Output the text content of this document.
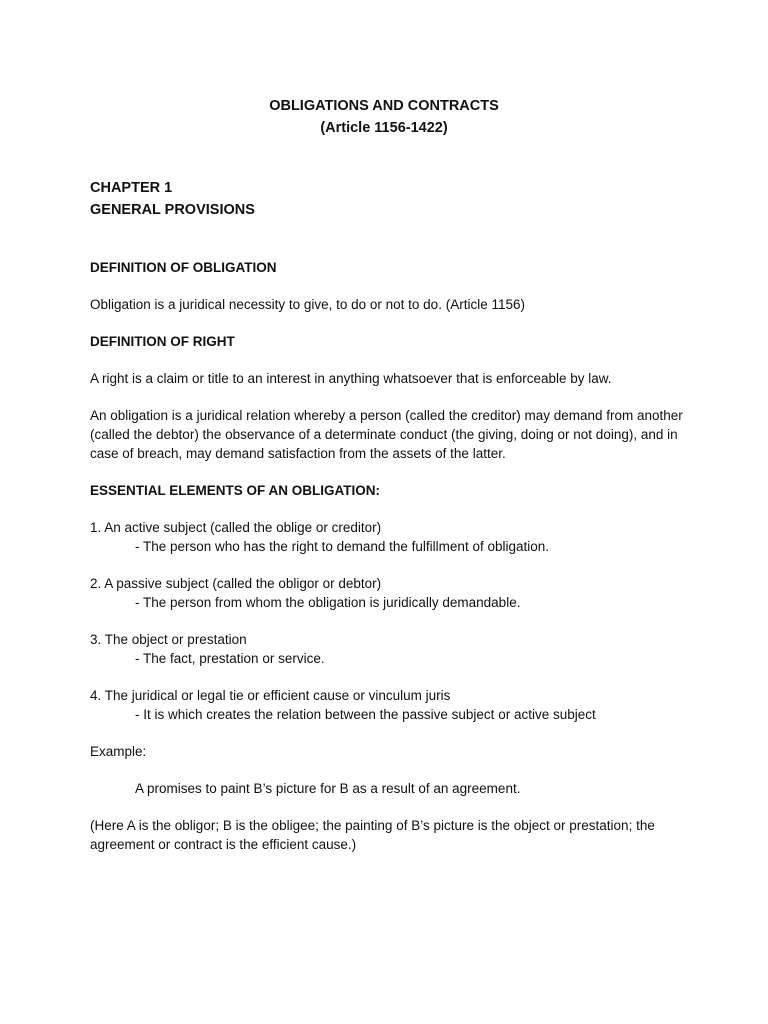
OBLIGATIONS AND CONTRACTS
(Article 1156-1422)
CHAPTER 1
GENERAL PROVISIONS

DEFINITION OF OBLIGATION

Obligation is a juridical necessity to give, to do or not to do. (Article 1156)

DEFINITION OF RIGHT

A right is a claim or title to an interest in anything whatsoever that is enforceable by law.

An obligation is a juridical relation whereby a person (called the creditor) may demand from another (called the debtor) the observance of a determinate conduct (the giving, doing or not doing), and in case of breach, may demand satisfaction from the assets of the latter.

ESSENTIAL ELEMENTS OF AN OBLIGATION:

1. An active subject (called the oblige or creditor)

- The person who has the right to demand the fulfillment of obligation.

2. A passive subject (called the obligor or debtor)

- The person from whom the obligation is juridically demandable.

3. The object or prestation

- The fact, prestation or service.

4. The juridical or legal tie or efficient cause or vinculum juris

- It is which creates the relation between the passive subject or active subject

Example:

A promises to paint B’s picture for B as a result of an agreement.

(Here A is the obligor; B is the obligee; the painting of B’s picture is the object or prestation; the agreement or contract is the efficient cause.)
